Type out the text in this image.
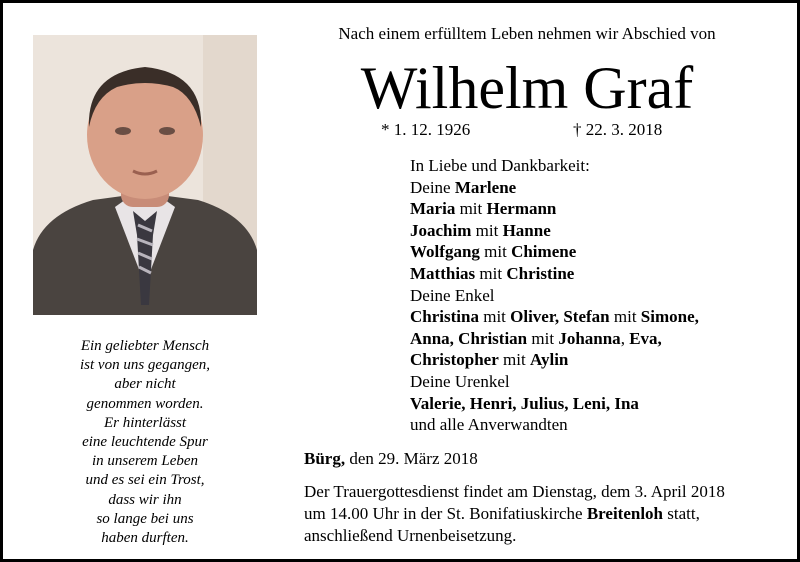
Ein geliebter Mensch
ist von uns gegangen,
aber nicht
genommen worden.
Er hinterlässt
eine leuchtende Spur
in unserem Leben
und es sei ein Trost,
dass wir ihn
so lange bei uns
haben durften.
Nach einem erfülltem Leben nehmen wir Abschied von
Wilhelm Graf
* 1. 12. 1926	† 22. 3. 2018
In Liebe und Dankbarkeit:
Deine Marlene
Maria mit Hermann
Joachim mit Hanne
Wolfgang mit Chimene
Matthias mit Christine
Deine Enkel
Christina mit Oliver, Stefan mit Simone,
Anna, Christian mit Johanna, Eva,
Christopher mit Aylin
Deine Urenkel
Valerie, Henri, Julius, Leni, Ina
und alle Anverwandten
Bürg, den 29. März 2018
Der Trauergottesdienst findet am Dienstag, dem 3. April 2018
um 14.00 Uhr in der St. Bonifatiuskirche Breitenloh statt,
anschließend Urnenbeisetzung.
